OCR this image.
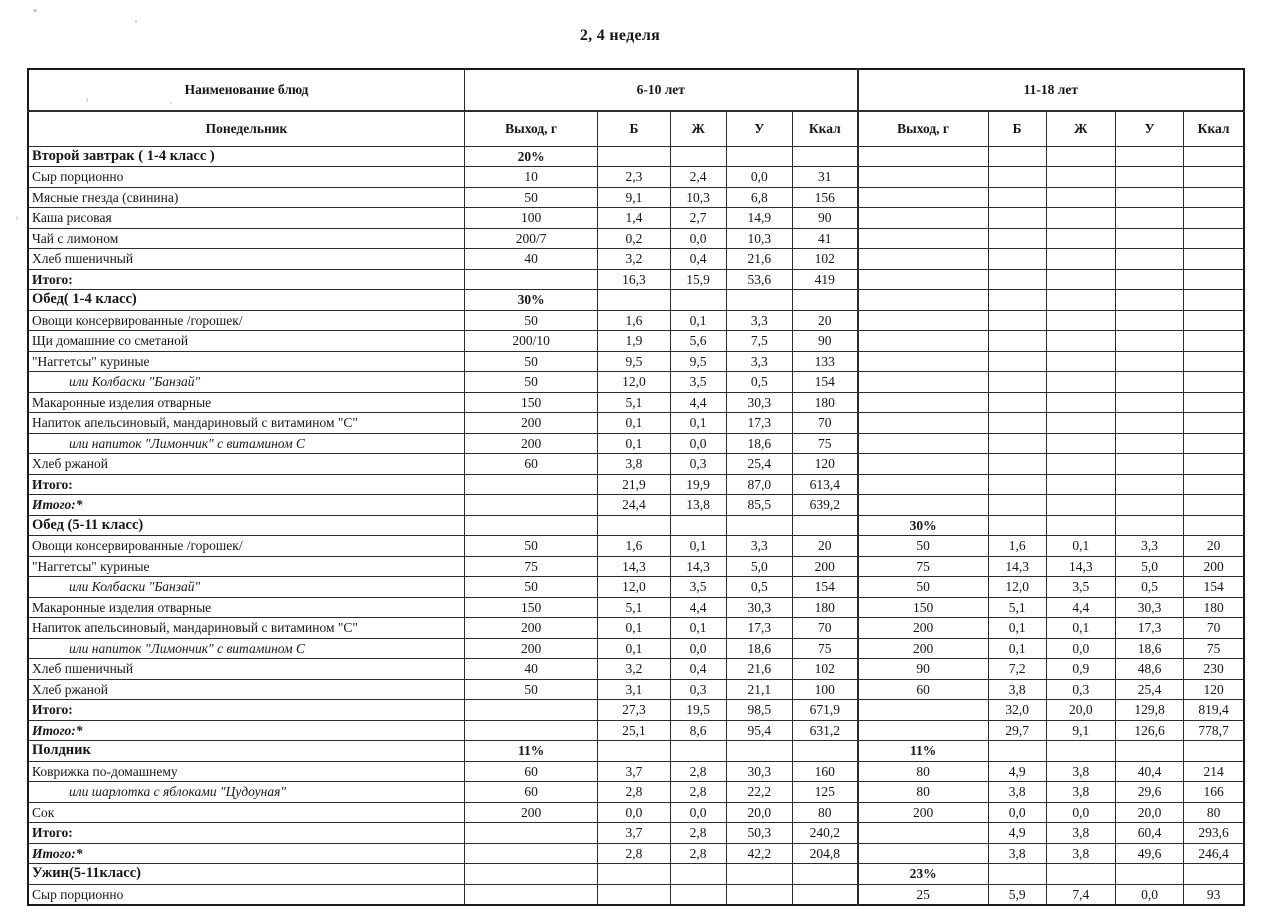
2, 4 неделя
Наименование блюд	6-10 лет					11-18 лет				
Понедельник	Выход, г	Б	Ж	У	Ккал	Выход, г	Б	Ж	У	Ккал
Второй завтрак ( 1-4 класс )	20%									
Сыр порционно	10	2,3	2,4	0,0	31					
Мясные гнезда (свинина)	50	9,1	10,3	6,8	156					
Каша рисовая	100	1,4	2,7	14,9	90					
Чай с лимоном	200/7	0,2	0,0	10,3	41					
Хлеб пшеничный	40	3,2	0,4	21,6	102					
Итого:		16,3	15,9	53,6	419					
Обед( 1-4 класс)	30%									
Овощи консервированные /горошек/	50	1,6	0,1	3,3	20					
Щи домашние со сметаной	200/10	1,9	5,6	7,5	90					
"Наггетсы" куриные	50	9,5	9,5	3,3	133					
или Колбаски "Банзай"	50	12,0	3,5	0,5	154					
Макаронные изделия отварные	150	5,1	4,4	30,3	180					
Напиток апельсиновый, мандариновый с витамином "С"	200	0,1	0,1	17,3	70					
или напиток "Лимончик" с витамином С	200	0,1	0,0	18,6	75					
Хлеб ржаной	60	3,8	0,3	25,4	120					
Итого:		21,9	19,9	87,0	613,4					
Итого:*		24,4	13,8	85,5	639,2					
Обед (5-11 класс)						30%				
Овощи консервированные /горошек/	50	1,6	0,1	3,3	20	50	1,6	0,1	3,3	20
"Наггетсы" куриные	75	14,3	14,3	5,0	200	75	14,3	14,3	5,0	200
или Колбаски "Банзай"	50	12,0	3,5	0,5	154	50	12,0	3,5	0,5	154
Макаронные изделия отварные	150	5,1	4,4	30,3	180	150	5,1	4,4	30,3	180
Напиток апельсиновый, мандариновый с витамином "С"	200	0,1	0,1	17,3	70	200	0,1	0,1	17,3	70
или напиток "Лимончик" с витамином С	200	0,1	0,0	18,6	75	200	0,1	0,0	18,6	75
Хлеб пшеничный	40	3,2	0,4	21,6	102	90	7,2	0,9	48,6	230
Хлеб ржаной	50	3,1	0,3	21,1	100	60	3,8	0,3	25,4	120
Итого:		27,3	19,5	98,5	671,9		32,0	20,0	129,8	819,4
Итого:*		25,1	8,6	95,4	631,2		29,7	9,1	126,6	778,7
Полдник	11%					11%				
Коврижка по-домашнему	60	3,7	2,8	30,3	160	80	4,9	3,8	40,4	214
или шарлотка с яблоками "Цудоуная"	60	2,8	2,8	22,2	125	80	3,8	3,8	29,6	166
Сок	200	0,0	0,0	20,0	80	200	0,0	0,0	20,0	80
Итого:		3,7	2,8	50,3	240,2		4,9	3,8	60,4	293,6
Итого:*		2,8	2,8	42,2	204,8		3,8	3,8	49,6	246,4
Ужин(5-11класс)						23%				
Сыр порционно						25	5,9	7,4	0,0	93
